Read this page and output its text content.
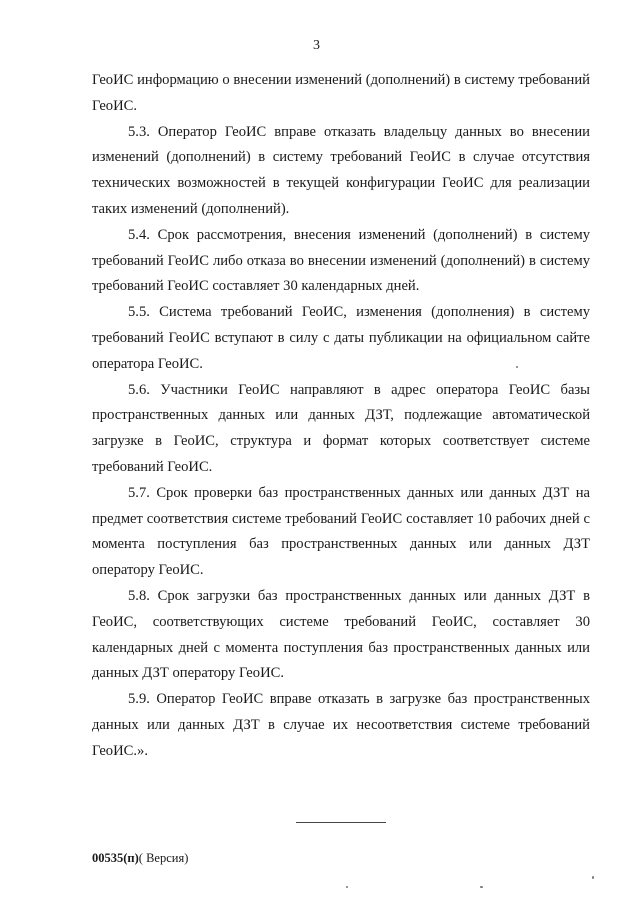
3

ГеоИС информацию о внесении изменений (дополнений) в систему требований ГеоИС.

5.3. Оператор ГеоИС вправе отказать владельцу данных во внесении изменений (дополнений) в систему требований ГеоИС в случае отсутствия технических возможностей в текущей конфигурации ГеоИС для реализации таких изменений (дополнений).

5.4. Срок рассмотрения, внесения изменений (дополнений) в систему требований ГеоИС либо отказа во внесении изменений (дополнений) в систему требований ГеоИС составляет 30 календарных дней.

5.5. Система требований ГеоИС, изменения (дополнения) в систему требований ГеоИС вступают в силу с даты публикации на официальном сайте оператора ГеоИС.

5.6. Участники ГеоИС направляют в адрес оператора ГеоИС базы пространственных данных или данных ДЗТ, подлежащие автоматической загрузке в ГеоИС, структура и формат которых соответствует системе требований ГеоИС.

5.7. Срок проверки баз пространственных данных или данных ДЗТ на предмет соответствия системе требований ГеоИС составляет 10 рабочих дней с момента поступления баз пространственных данных или данных ДЗТ оператору ГеоИС.

5.8. Срок загрузки баз пространственных данных или данных ДЗТ в ГеоИС, соответствующих системе требований ГеоИС, составляет 30 календарных дней с момента поступления баз пространственных данных или данных ДЗТ оператору ГеоИС.

5.9. Оператор ГеоИС вправе отказать в загрузке баз пространственных данных или данных ДЗТ в случае их несоответствия системе требований ГеоИС.».

00535(п)( Версия)
